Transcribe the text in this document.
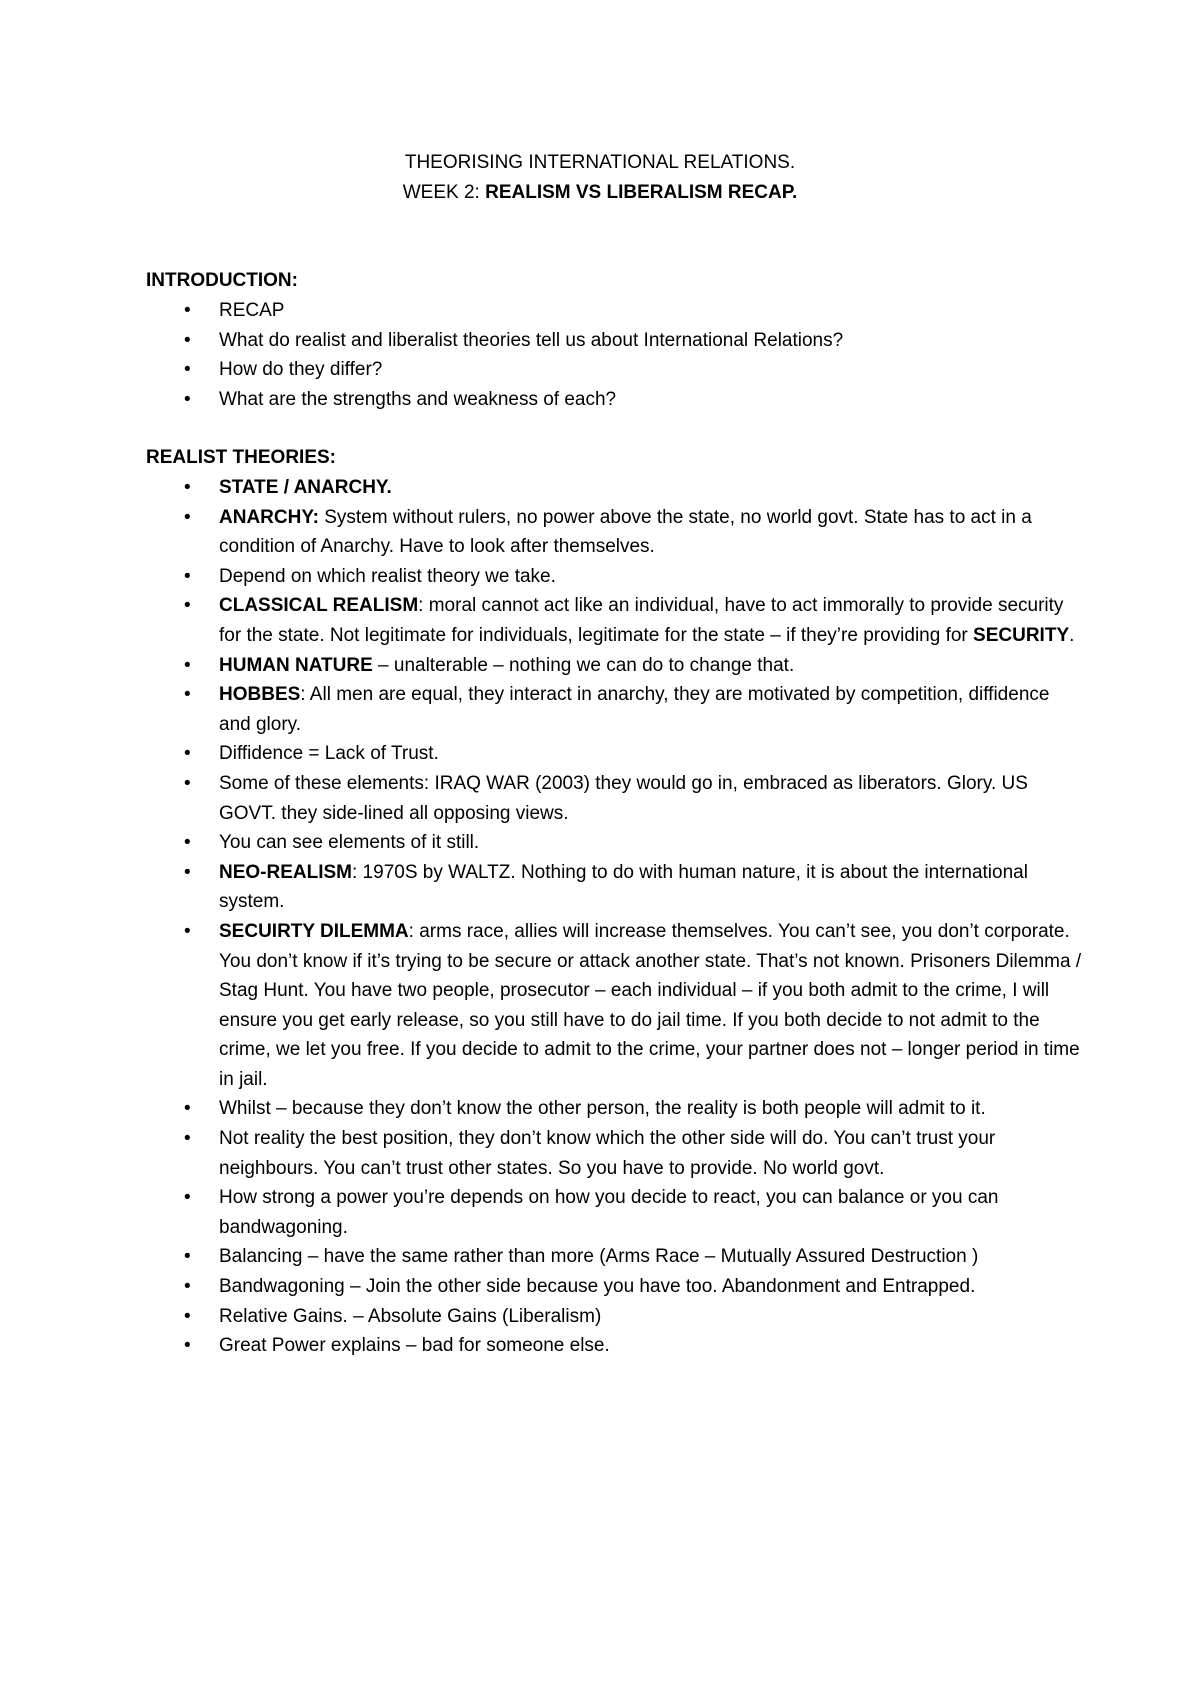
THEORISING INTERNATIONAL RELATIONS.
WEEK 2: REALISM VS LIBERALISM RECAP.

INTRODUCTION:

• RECAP
• What do realist and liberalist theories tell us about International Relations?
• How do they differ?
• What are the strengths and weakness of each?

REALIST THEORIES:

• STATE / ANARCHY.
• ANARCHY: System without rulers, no power above the state, no world govt. State has to act in a condition of Anarchy. Have to look after themselves.
• Depend on which realist theory we take.
• CLASSICAL REALISM: moral cannot act like an individual, have to act immorally to provide security for the state. Not legitimate for individuals, legitimate for the state – if they’re providing for SECURITY.
• HUMAN NATURE – unalterable – nothing we can do to change that.
• HOBBES: All men are equal, they interact in anarchy, they are motivated by competition, diffidence and glory.
• Diffidence = Lack of Trust.
• Some of these elements: IRAQ WAR (2003) they would go in, embraced as liberators. Glory. US GOVT. they side-lined all opposing views.
• You can see elements of it still.
• NEO-REALISM: 1970S by WALTZ. Nothing to do with human nature, it is about the international system.
• SECUIRTY DILEMMA: arms race, allies will increase themselves. You can’t see, you don’t corporate. You don’t know if it’s trying to be secure or attack another state. That’s not known. Prisoners Dilemma / Stag Hunt. You have two people, prosecutor – each individual – if you both admit to the crime, I will ensure you get early release, so you still have to do jail time. If you both decide to not admit to the crime, we let you free. If you decide to admit to the crime, your partner does not – longer period in time in jail.
• Whilst – because they don’t know the other person, the reality is both people will admit to it.
• Not reality the best position, they don’t know which the other side will do. You can’t trust your neighbours. You can’t trust other states. So you have to provide. No world govt.
• How strong a power you’re depends on how you decide to react, you can balance or you can bandwagoning.
• Balancing – have the same rather than more (Arms Race – Mutually Assured Destruction )
• Bandwagoning – Join the other side because you have too. Abandonment and Entrapped.
• Relative Gains. – Absolute Gains (Liberalism)
• Great Power explains – bad for someone else.
